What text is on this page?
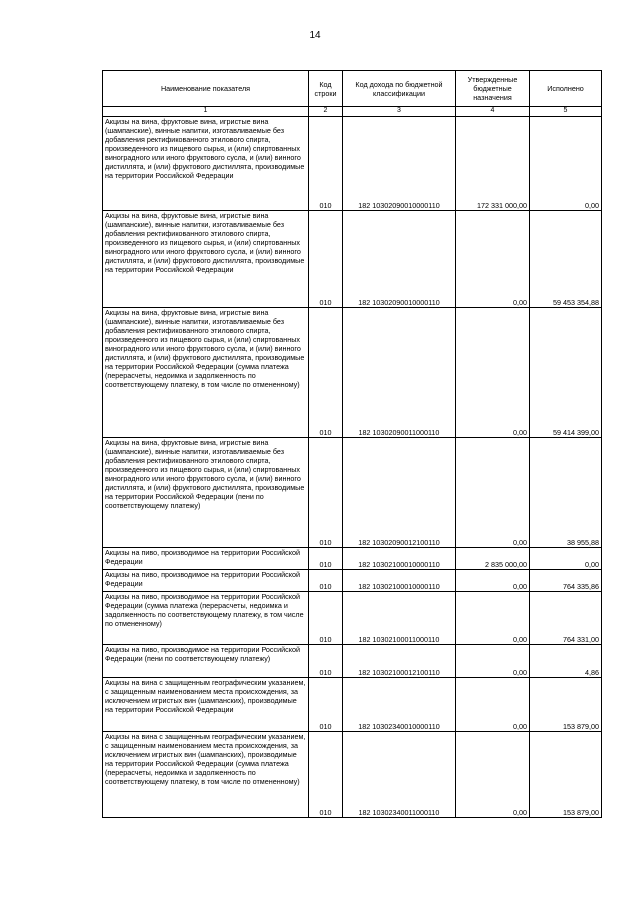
14
Наименование показателя	Код строки	Код дохода по бюджетной классификации	Утвержденные бюджетные назначения	Исполнено
1	2	3	4	5
Акцизы на вина, фруктовые вина, игристые вина (шампанские), винные напитки, изготавливаемые без добавления ректификованного этилового спирта, произведенного из пищевого сырья, и (или) спиртованных виноградного или иного фруктового сусла, и (или) винного дистиллята, и (или) фруктового дистиллята, производимые на территории Российской Федерации	010	182 10302090010000110	172 331 000,00	0,00
Акцизы на вина, фруктовые вина, игристые вина (шампанские), винные напитки, изготавливаемые без добавления ректификованного этилового спирта, произведенного из пищевого сырья, и (или) спиртованных виноградного или иного фруктового сусла, и (или) винного дистиллята, и (или) фруктового дистиллята, производимые на территории Российской Федерации	010	182 10302090010000110	0,00	59 453 354,88
Акцизы на вина, фруктовые вина, игристые вина (шампанские), винные напитки, изготавливаемые без добавления ректификованного этилового спирта, произведенного из пищевого сырья, и (или) спиртованных виноградного или иного фруктового сусла, и (или) винного дистиллята, и (или) фруктового дистиллята, производимые на территории Российской Федерации (сумма платежа (перерасчеты, недоимка и задолженность по соответствующему платежу, в том числе по отмененному)	010	182 10302090011000110	0,00	59 414 399,00
Акцизы на вина, фруктовые вина, игристые вина (шампанские), винные напитки, изготавливаемые без добавления ректификованного этилового спирта, произведенного из пищевого сырья, и (или) спиртованных виноградного или иного фруктового сусла, и (или) винного дистиллята, и (или) фруктового дистиллята, производимые на территории Российской Федерации (пени по соответствующему платежу)	010	182 10302090012100110	0,00	38 955,88
Акцизы на пиво, производимое на территории Российской Федерации	010	182 10302100010000110	2 835 000,00	0,00
Акцизы на пиво, производимое на территории Российской Федерации	010	182 10302100010000110	0,00	764 335,86
Акцизы на пиво, производимое на территории Российской Федерации (сумма платежа (перерасчеты, недоимка и задолженность по соответствующему платежу, в том числе по отмененному)	010	182 10302100011000110	0,00	764 331,00
Акцизы на пиво, производимое на территории Российской Федерации (пени по соответствующему платежу)	010	182 10302100012100110	0,00	4,86
Акцизы на вина с защищенным географическим указанием, с защищенным наименованием места происхождения, за исключением игристых вин (шампанских), производимые на территории Российской Федерации	010	182 10302340010000110	0,00	153 879,00
Акцизы на вина с защищенным географическим указанием, с защищенным наименованием места происхождения, за исключением игристых вин (шампанских), производимые на территории Российской Федерации (сумма платежа (перерасчеты, недоимка и задолженность по соответствующему платежу, в том числе по отмененному)	010	182 10302340011000110	0,00	153 879,00
